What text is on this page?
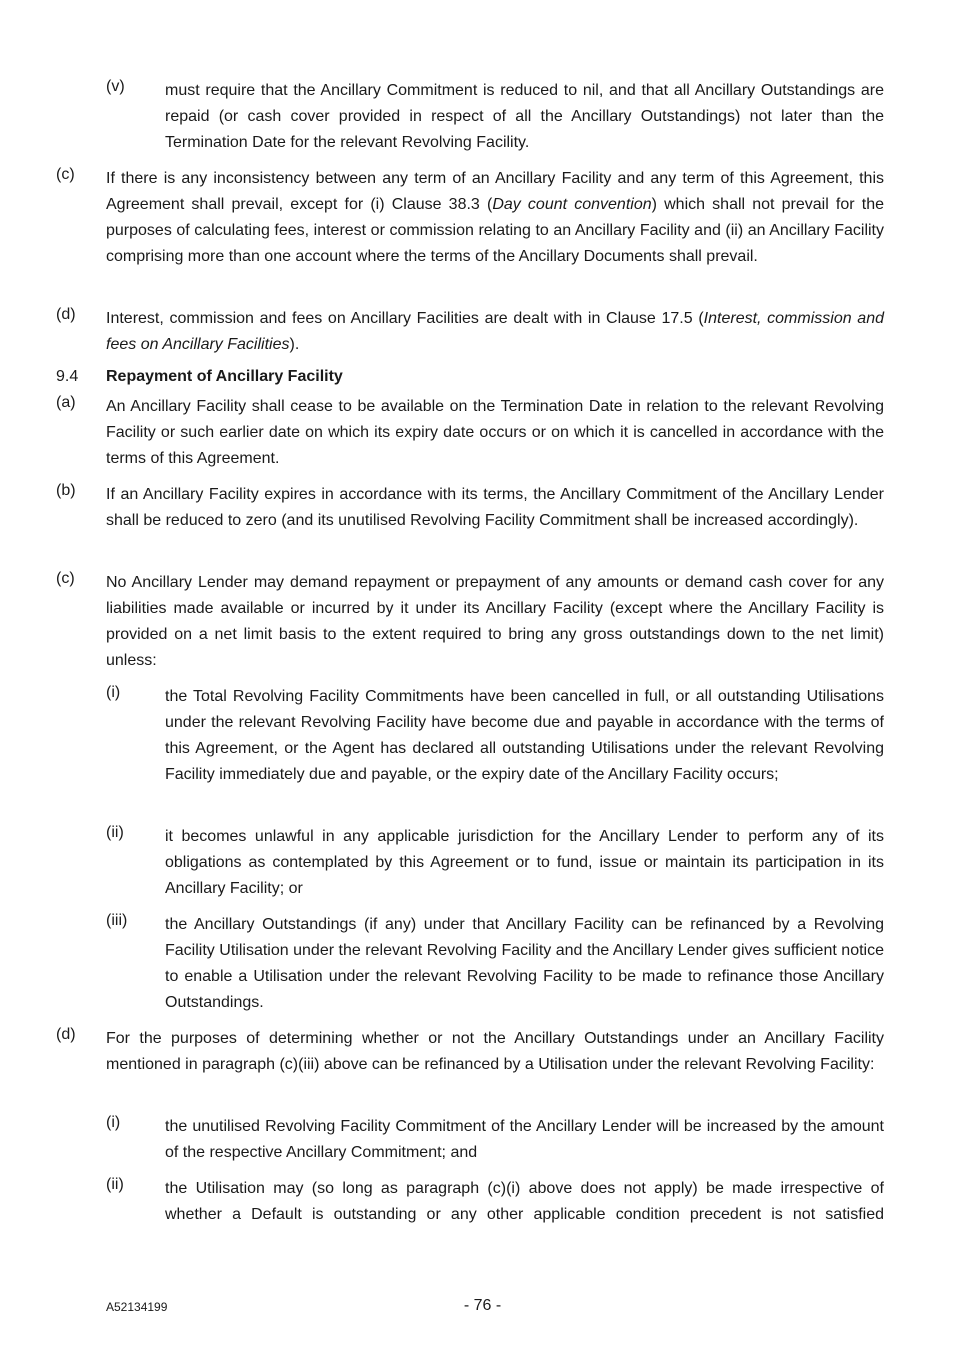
(v)	must require that the Ancillary Commitment is reduced to nil, and that all Ancillary Outstandings are repaid (or cash cover provided in respect of all the Ancillary Outstandings) not later than the Termination Date for the relevant Revolving Facility.
(c) If there is any inconsistency between any term of an Ancillary Facility and any term of this Agreement, this Agreement shall prevail, except for (i) Clause 38.3 (Day count convention) which shall not prevail for the purposes of calculating fees, interest or commission relating to an Ancillary Facility and (ii) an Ancillary Facility comprising more than one account where the terms of the Ancillary Documents shall prevail.
(d) Interest, commission and fees on Ancillary Facilities are dealt with in Clause 17.5 (Interest, commission and fees on Ancillary Facilities).
9.4 Repayment of Ancillary Facility
(a) An Ancillary Facility shall cease to be available on the Termination Date in relation to the relevant Revolving Facility or such earlier date on which its expiry date occurs or on which it is cancelled in accordance with the terms of this Agreement.
(b) If an Ancillary Facility expires in accordance with its terms, the Ancillary Commitment of the Ancillary Lender shall be reduced to zero (and its unutilised Revolving Facility Commitment shall be increased accordingly).
(c) No Ancillary Lender may demand repayment or prepayment of any amounts or demand cash cover for any liabilities made available or incurred by it under its Ancillary Facility (except where the Ancillary Facility is provided on a net limit basis to the extent required to bring any gross outstandings down to the net limit) unless:
(i)	the Total Revolving Facility Commitments have been cancelled in full, or all outstanding Utilisations under the relevant Revolving Facility have become due and payable in accordance with the terms of this Agreement, or the Agent has declared all outstanding Utilisations under the relevant Revolving Facility immediately due and payable, or the expiry date of the Ancillary Facility occurs;
(ii)	it becomes unlawful in any applicable jurisdiction for the Ancillary Lender to perform any of its obligations as contemplated by this Agreement or to fund, issue or maintain its participation in its Ancillary Facility; or
(iii) the Ancillary Outstandings (if any) under that Ancillary Facility can be refinanced by a Revolving Facility Utilisation under the relevant Revolving Facility and the Ancillary Lender gives sufficient notice to enable a Utilisation under the relevant Revolving Facility to be made to refinance those Ancillary Outstandings.
(d) For the purposes of determining whether or not the Ancillary Outstandings under an Ancillary Facility mentioned in paragraph (c)(iii) above can be refinanced by a Utilisation under the relevant Revolving Facility:
(i)	the unutilised Revolving Facility Commitment of the Ancillary Lender will be increased by the amount of the respective Ancillary Commitment; and
(ii)	the Utilisation may (so long as paragraph (c)(i) above does not apply) be made irrespective of whether a Default is outstanding or any other applicable condition precedent is not satisfied
A52134199	- 76 -
